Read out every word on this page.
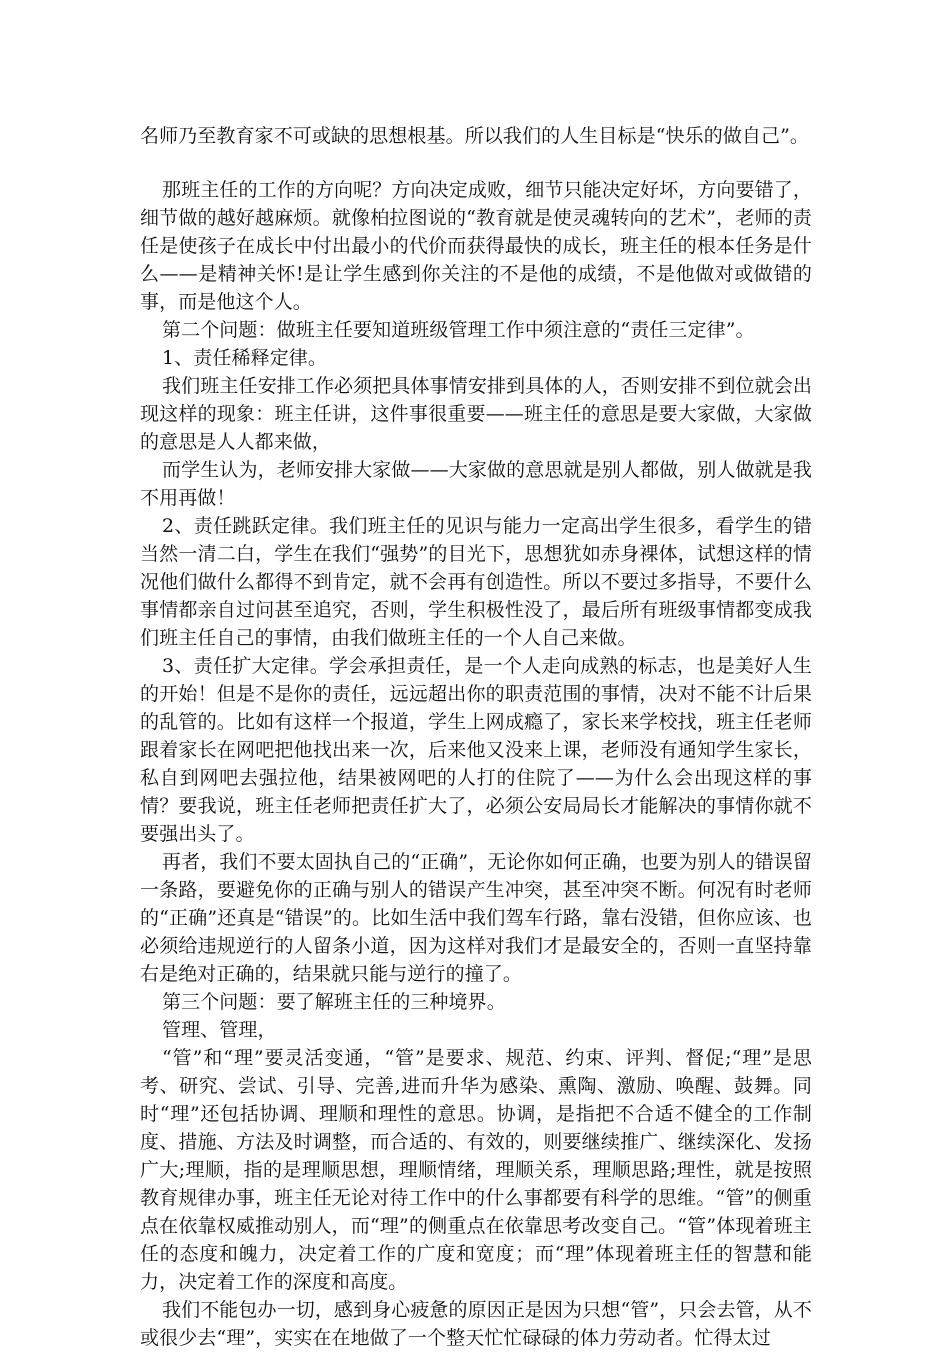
名师乃至教育家不可或缺的思想根基。所以我们的人生目标是“快乐的做自己”。

那班主任的工作的方向呢？方向决定成败，细节只能决定好坏，方向要错了，细节做的越好越麻烦。就像柏拉图说的“教育就是使灵魂转向的艺术”，老师的责任是使孩子在成长中付出最小的代价而获得最快的成长，班主任的根本任务是什么——是精神关怀!是让学生感到你关注的不是他的成绩，不是他做对或做错的事，而是他这个人。

第二个问题：做班主任要知道班级管理工作中须注意的“责任三定律”。

1、责任稀释定律。

我们班主任安排工作必须把具体事情安排到具体的人，否则安排不到位就会出现这样的现象：班主任讲，这件事很重要——班主任的意思是要大家做，大家做的意思是人人都来做，

而学生认为，老师安排大家做——大家做的意思就是别人都做，别人做就是我不用再做！

2、责任跳跃定律。我们班主任的见识与能力一定高出学生很多，看学生的错当然一清二白，学生在我们“强势”的目光下，思想犹如赤身裸体，试想这样的情况他们做什么都得不到肯定，就不会再有创造性。所以不要过多指导，不要什么事情都亲自过问甚至追究，否则，学生积极性没了，最后所有班级事情都变成我们班主任自己的事情，由我们做班主任的一个人自己来做。

3、责任扩大定律。学会承担责任，是一个人走向成熟的标志，也是美好人生的开始！但是不是你的责任，远远超出你的职责范围的事情，决对不能不计后果的乱管的。比如有这样一个报道，学生上网成瘾了，家长来学校找，班主任老师跟着家长在网吧把他找出来一次，后来他又没来上课，老师没有通知学生家长，私自到网吧去强拉他，结果被网吧的人打的住院了——为什么会出现这样的事情？要我说，班主任老师把责任扩大了，必须公安局局长才能解决的事情你就不要强出头了。

再者，我们不要太固执自己的“正确”，无论你如何正确，也要为别人的错误留一条路，要避免你的正确与别人的错误产生冲突，甚至冲突不断。何况有时老师的“正确”还真是“错误”的。比如生活中我们驾车行路，靠右没错，但你应该、也必须给违规逆行的人留条小道，因为这样对我们才是最安全的，否则一直坚持靠右是绝对正确的，结果就只能与逆行的撞了。

第三个问题：要了解班主任的三种境界。

管理、管理，

“管”和“理”要灵活变通，“管”是要求、规范、约束、评判、督促;“理”是思考、研究、尝试、引导、完善,进而升华为感染、熏陶、激励、唤醒、鼓舞。同时“理”还包括协调、理顺和理性的意思。协调，是指把不合适不健全的工作制度、措施、方法及时调整，而合适的、有效的，则要继续推广、继续深化、发扬广大;理顺，指的是理顺思想，理顺情绪，理顺关系，理顺思路;理性，就是按照教育规律办事，班主任无论对待工作中的什么事都要有科学的思维。“管”的侧重点在依靠权威推动别人，而“理”的侧重点在依靠思考改变自己。“管”体现着班主任的态度和魄力，决定着工作的广度和宽度；而“理”体现着班主任的智慧和能力，决定着工作的深度和高度。

我们不能包办一切，感到身心疲惫的原因正是因为只想“管”，只会去管，从不或很少去“理”，实实在在地做了一个整天忙忙碌碌的体力劳动者。忙得太过
